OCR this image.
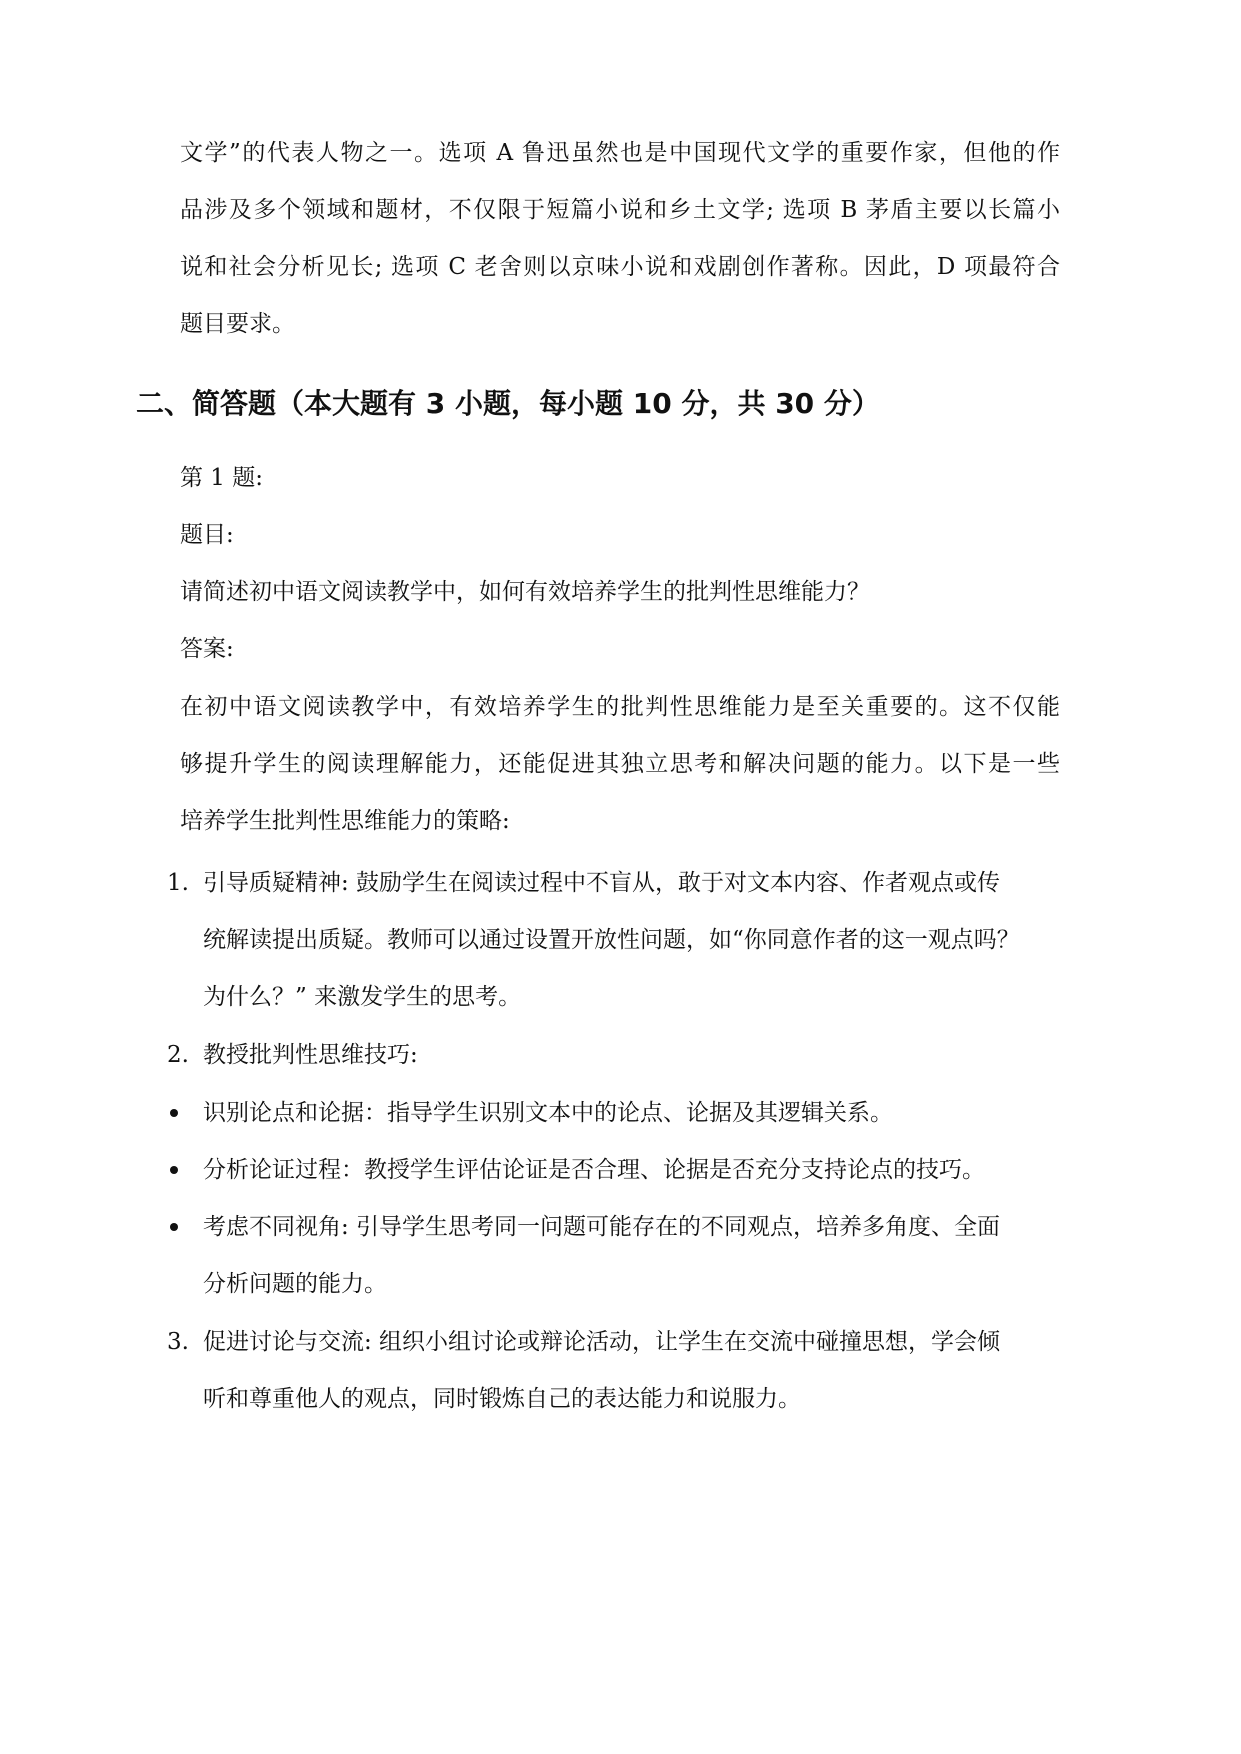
文学”的代表人物之一。选项 A 鲁迅虽然也是中国现代文学的重要作家，但他的作
品涉及多个领域和题材，不仅限于短篇小说和乡土文学; 选项 B 茅盾主要以长篇小
说和社会分析见长; 选项 C 老舍则以京味小说和戏剧创作著称。因此，D 项最符合
题目要求。
二、简答题（本大题有 3 小题，每小题 10 分，共 30 分）
第 1 题:
题目:
请简述初中语文阅读教学中，如何有效培养学生的批判性思维能力？
答案:
在初中语文阅读教学中，有效培养学生的批判性思维能力是至关重要的。这不仅能
够提升学生的阅读理解能力，还能促进其独立思考和解决问题的能力。以下是一些
培养学生批判性思维能力的策略:
1. 引导质疑精神: 鼓励学生在阅读过程中不盲从，敢于对文本内容、作者观点或传
统解读提出质疑。教师可以通过设置开放性问题，如“你同意作者的这一观点吗？
为什么？” 来激发学生的思考。
2. 教授批判性思维技巧:
识别论点和论据：指导学生识别文本中的论点、论据及其逻辑关系。
分析论证过程：教授学生评估论证是否合理、论据是否充分支持论点的技巧。
考虑不同视角: 引导学生思考同一问题可能存在的不同观点，培养多角度、全面
分析问题的能力。
3. 促进讨论与交流: 组织小组讨论或辩论活动，让学生在交流中碰撞思想，学会倾
听和尊重他人的观点，同时锻炼自己的表达能力和说服力。
